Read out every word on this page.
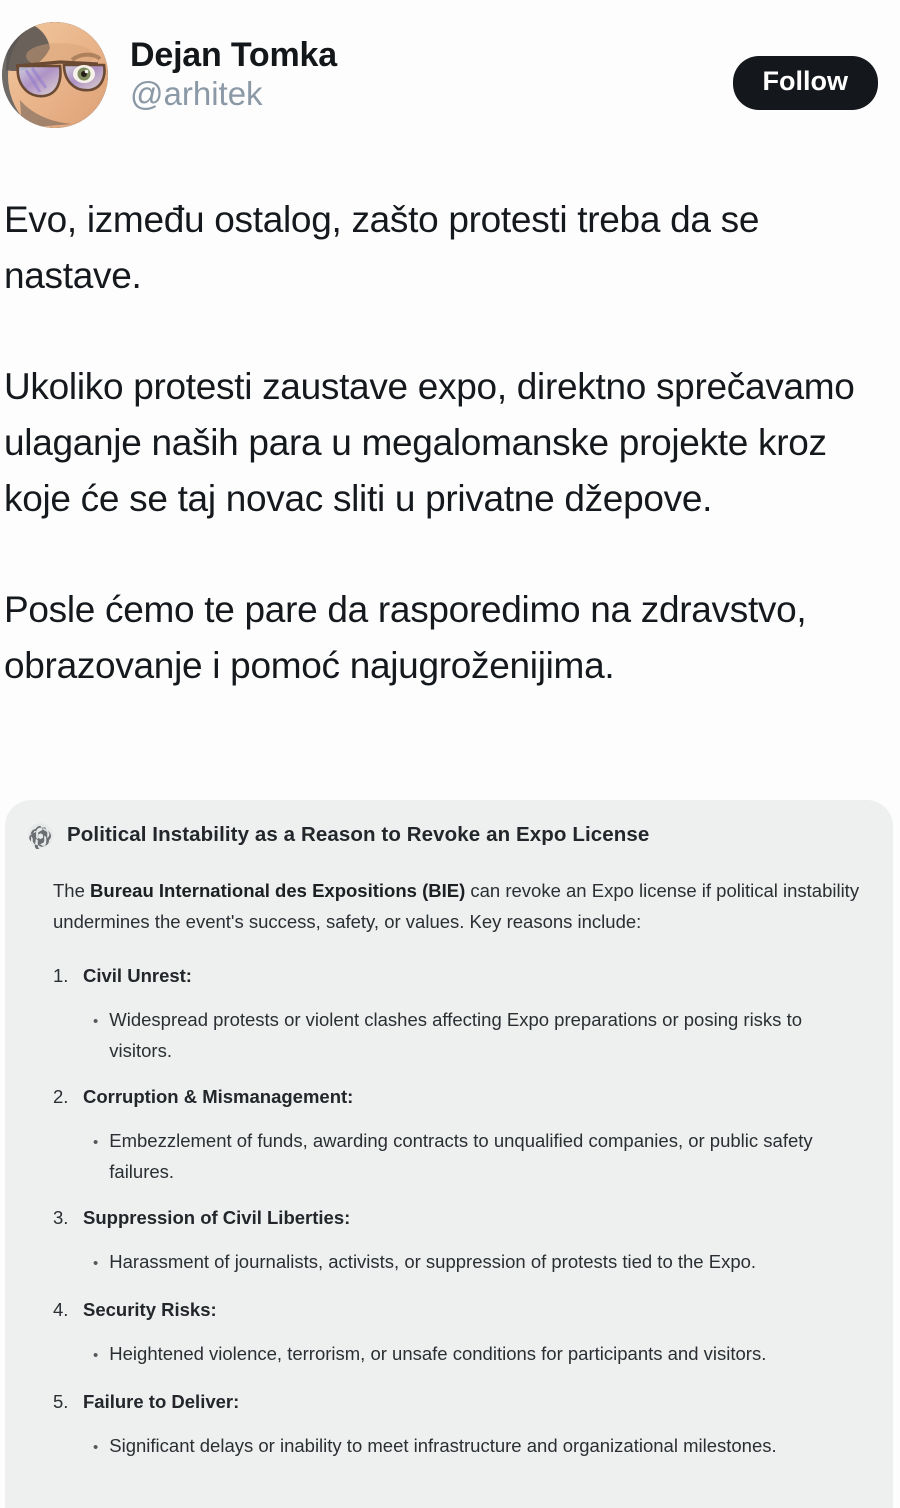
Dejan Tomka
@arhitek	Follow

Evo, između ostalog, zašto protesti treba da se nastave.

Ukoliko protesti zaustave expo, direktno sprečavamo ulaganje naših para u megalomanske projekte kroz koje će se taj novac sliti u privatne džepove.

Posle ćemo te pare da rasporedimo na zdravstvo, obrazovanje i pomoć najugroženijima.

Political Instability as a Reason to Revoke an Expo License

The Bureau International des Expositions (BIE) can revoke an Expo license if political instability undermines the event's success, safety, or values. Key reasons include:

1. Civil Unrest:
• Widespread protests or violent clashes affecting Expo preparations or posing risks to visitors.
2. Corruption & Mismanagement:
• Embezzlement of funds, awarding contracts to unqualified companies, or public safety failures.
3. Suppression of Civil Liberties:
• Harassment of journalists, activists, or suppression of protests tied to the Expo.
4. Security Risks:
• Heightened violence, terrorism, or unsafe conditions for participants and visitors.
5. Failure to Deliver:
• Significant delays or inability to meet infrastructure and organizational milestones.
